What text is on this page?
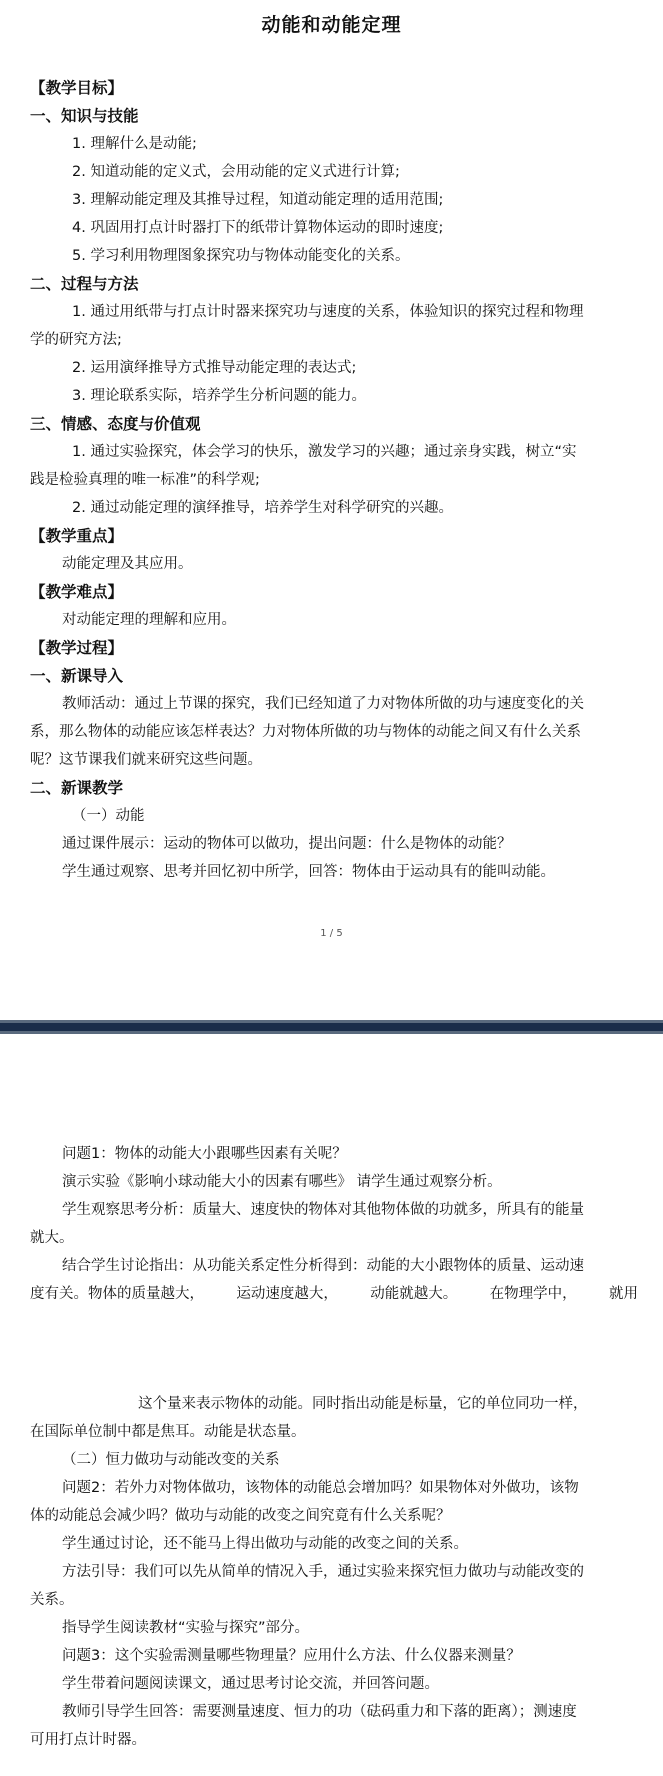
动能和动能定理
【教学目标】
一、知识与技能
1. 理解什么是动能;
2. 知道动能的定义式，会用动能的定义式进行计算;
3. 理解动能定理及其推导过程，知道动能定理的适用范围;
4. 巩固用打点计时器打下的纸带计算物体运动的即时速度;
5. 学习利用物理图象探究功与物体动能变化的关系。
二、过程与方法
1. 通过用纸带与打点计时器来探究功与速度的关系，体验知识的探究过程和物理
学的研究方法;
2. 运用演绎推导方式推导动能定理的表达式;
3. 理论联系实际，培养学生分析问题的能力。
三、情感、态度与价值观
1. 通过实验探究，体会学习的快乐，激发学习的兴趣；通过亲身实践，树立“实
践是检验真理的唯一标准”的科学观;
2. 通过动能定理的演绎推导，培养学生对科学研究的兴趣。
【教学重点】
动能定理及其应用。
【教学难点】
对动能定理的理解和应用。
【教学过程】
一、新课导入
教师活动：通过上节课的探究，我们已经知道了力对物体所做的功与速度变化的关
系，那么物体的动能应该怎样表达？力对物体所做的功与物体的动能之间又有什么关系
呢？这节课我们就来研究这些问题。
二、新课教学
（一）动能
通过课件展示：运动的物体可以做功，提出问题：什么是物体的动能？
学生通过观察、思考并回忆初中所学，回答：物体由于运动具有的能叫动能。
1 / 5
问题1：物体的动能大小跟哪些因素有关呢？
演示实验《影响小球动能大小的因素有哪些》 请学生通过观察分析。
学生观察思考分析：质量大、速度快的物体对其他物体做的功就多，所具有的能量
就大。
结合学生讨论指出：从功能关系定性分析得到：动能的大小跟物体的质量、运动速
度有关。物体的质量越大， 运动速度越大， 动能就越大。 在物理学中， 就用
这个量来表示物体的动能。同时指出动能是标量，它的单位同功一样，
在国际单位制中都是焦耳。动能是状态量。
（二）恒力做功与动能改变的关系
问题2：若外力对物体做功，该物体的动能总会增加吗？如果物体对外做功，该物
体的动能总会减少吗？做功与动能的改变之间究竟有什么关系呢？
学生通过讨论，还不能马上得出做功与动能的改变之间的关系。
方法引导：我们可以先从简单的情况入手，通过实验来探究恒力做功与动能改变的
关系。
指导学生阅读教材“实验与探究”部分。
问题3：这个实验需测量哪些物理量？应用什么方法、什么仪器来测量？
学生带着问题阅读课文，通过思考讨论交流，并回答问题。
教师引导学生回答：需要测量速度、恒力的功（砝码重力和下落的距离）；测速度
可用打点计时器。
